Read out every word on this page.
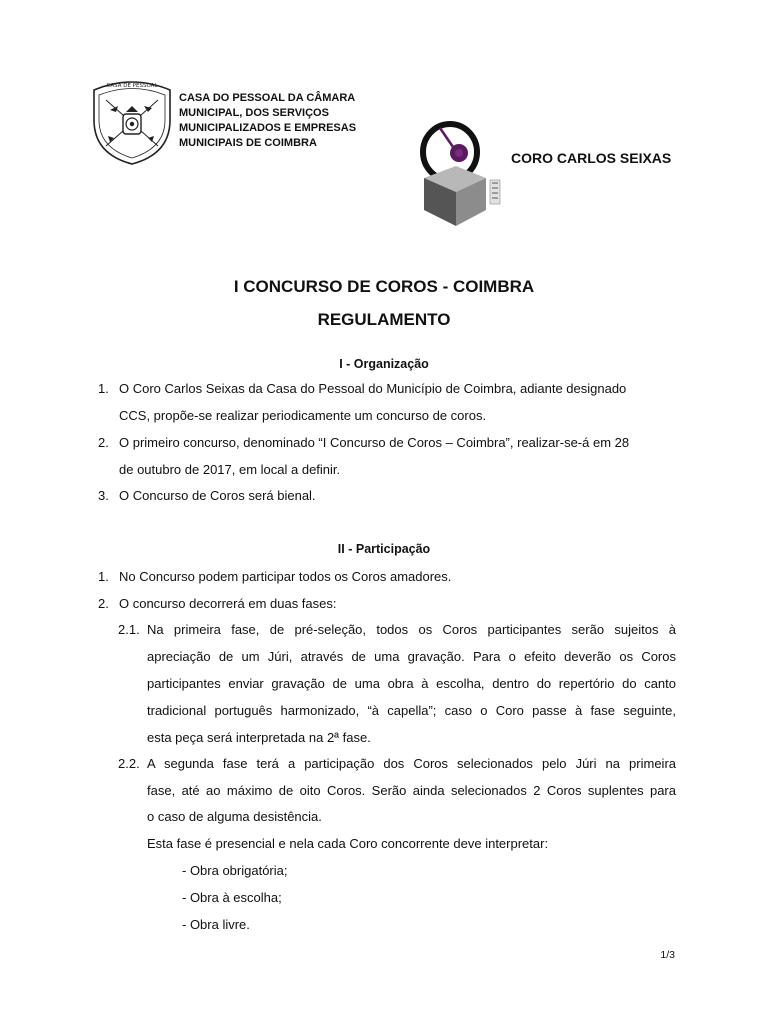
CASA DE PESSOAL
CASA DO PESSOAL DA CÂMARA
MUNICIPAL, DOS SERVIÇOS
MUNICIPALIZADOS E EMPRESAS
MUNICIPAIS DE COIMBRA
CORO CARLOS SEIXAS
I CONCURSO DE COROS - COIMBRA
REGULAMENTO
I - Organização
1. O Coro Carlos Seixas da Casa do Pessoal do Município de Coimbra, adiante designado
CCS, propõe-se realizar periodicamente um concurso de coros.
2. O primeiro concurso, denominado “I Concurso de Coros – Coimbra”, realizar-se-á em 28
de outubro de 2017, em local a definir.
3. O Concurso de Coros será bienal.
II - Participação
1. No Concurso podem participar todos os Coros amadores.
2. O concurso decorrerá em duas fases:
2.1. Na primeira fase, de pré-seleção, todos os Coros participantes serão sujeitos à
apreciação de um Júri, através de uma gravação. Para o efeito deverão os Coros
participantes enviar gravação de uma obra à escolha, dentro do repertório do canto
tradicional português harmonizado, “à capella”; caso o Coro passe à fase seguinte,
esta peça será interpretada na 2ª fase.
2.2. A segunda fase terá a participação dos Coros selecionados pelo Júri na primeira
fase, até ao máximo de oito Coros. Serão ainda selecionados 2 Coros suplentes para
o caso de alguma desistência.
Esta fase é presencial e nela cada Coro concorrente deve interpretar:
- Obra obrigatória;
- Obra à escolha;
- Obra livre.
1/3
